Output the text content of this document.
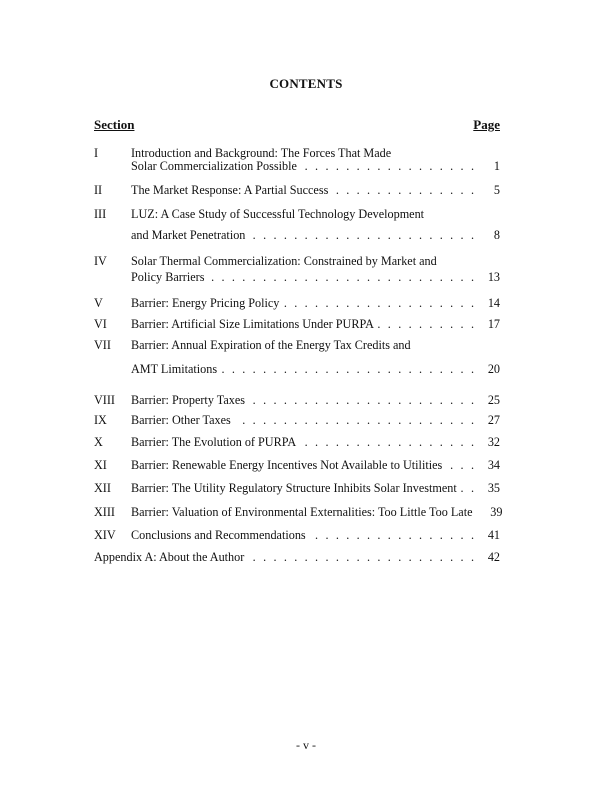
CONTENTS
Section	Page
I	Introduction and Background: The Forces That Made
Solar Commercialization Possible . . .	1
II	The Market Response: A Partial Success . . .	5
III	LUZ: A Case Study of Successful Technology Development
and Market Penetration . . .	8
IV	Solar Thermal Commercialization: Constrained by Market and
Policy Barriers . . .	13
V	Barrier: Energy Pricing Policy . . .	14
VI	Barrier: Artificial Size Limitations Under PURPA . . .	17
VII	Barrier: Annual Expiration of the Energy Tax Credits and
AMT Limitations . . .	20
VIII	Barrier: Property Taxes . . .	25
IX	Barrier: Other Taxes . . .	27
X	Barrier: The Evolution of PURPA . . .	32
XI	Barrier: Renewable Energy Incentives Not Available to Utilities . . .	34
XII	Barrier: The Utility Regulatory Structure Inhibits Solar Investment . . .	35
XIII	Barrier: Valuation of Environmental Externalities: Too Little Too Late	39
XIV	Conclusions and Recommendations . . .	41
Appendix A: About the Author . . .	42
- v -
